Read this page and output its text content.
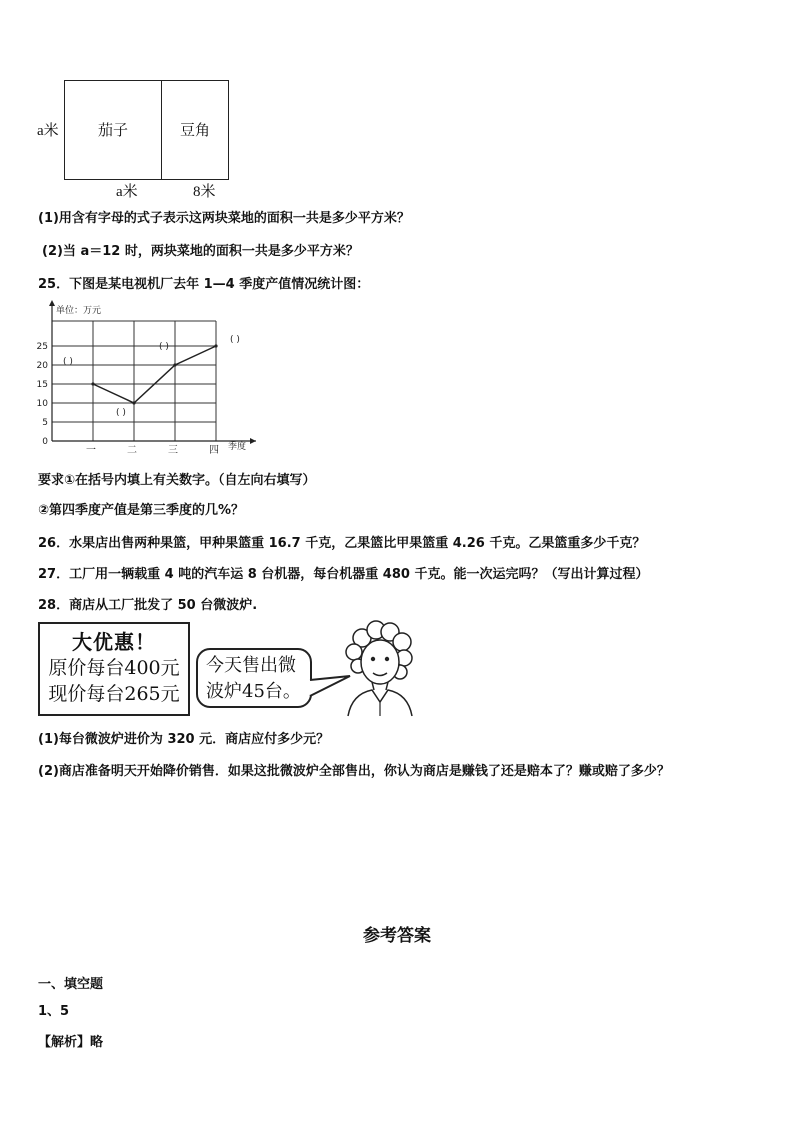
茄子	豆角
a米
a米	8米
(1)用含有字母的式子表示这两块菜地的面积一共是多少平方米？
(2)当 a＝12 时，两块菜地的面积一共是多少平方米？
25．下图是某电视机厂去年 1—4 季度产值情况统计图：
0
5
10
15
20
25
一	二	三	四
( )
( )
( )
( )
单位：万元
季度
要求①在括号内填上有关数字。（自左向右填写）
②第四季度产值是第三季度的几%？
26．水果店出售两种果篮，甲种果篮重 16.7 千克，乙果篮比甲果篮重 4.26 千克。乙果篮重多少千克？
27．工厂用一辆载重 4 吨的汽车运 8 台机器，每台机器重 480 千克。能一次运完吗？（写出计算过程）
28．商店从工厂批发了 50 台微波炉.
大优惠！
原价每台400元
现价每台265元
今天售出微
波炉45台。
(1)每台微波炉进价为 320 元．商店应付多少元？
(2)商店准备明天开始降价销售．如果这批微波炉全部售出，你认为商店是赚钱了还是赔本了？赚或赔了多少？
参考答案
一、填空题
1、5
【解析】略
